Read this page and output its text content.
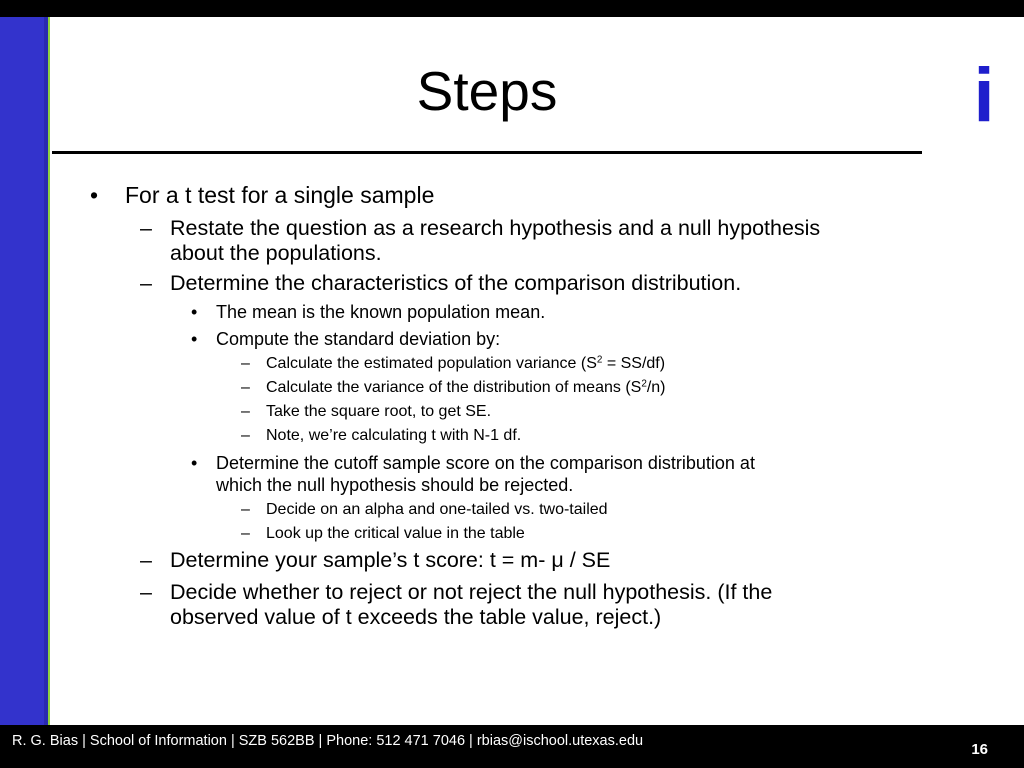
Steps	i
• For a t test for a single sample
– Restate the question as a research hypothesis and a null hypothesis
about the populations.
– Determine the characteristics of the comparison distribution.
• The mean is the known population mean.
• Compute the standard deviation by:
– Calculate the estimated population variance $(S^2 = SS/df)$
– Calculate the variance of the distribution of means $(S^2/n)$
– Take the square root, to get SE.
– Note, we’re calculating t with N-1 df.
• Determine the cutoff sample score on the comparison distribution at
which the null hypothesis should be rejected.
– Decide on an alpha and one-tailed vs. two-tailed
– Look up the critical value in the table
– Determine your sample’s t score: t = m- μ / SE
– Decide whether to reject or not reject the null hypothesis. (If the
observed value of t exceeds the table value, reject.)
R. G. Bias | School of Information | SZB 562BB | Phone: 512 471 7046 | rbias@ischool.utexas.edu	16
